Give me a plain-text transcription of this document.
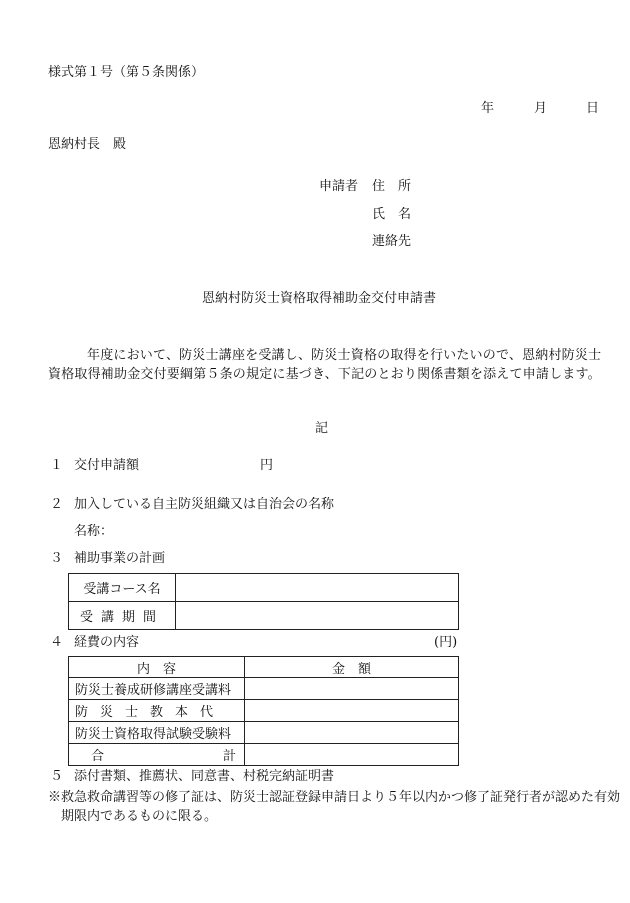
様式第１号（第５条関係）
年	月	日
恩納村長　殿
申請者 住　所
氏　名
連絡先
恩納村防災士資格取得補助金交付申請書
年度において、防災士講座を受講し、防災士資格の取得を行いたいので、恩納村防災士資格取得補助金交付要綱第５条の規定に基づき、下記のとおり関係書類を添えて申請します。
記
１ 交付申請額	円
２ 加入している自主防災組織又は自治会の名称
名称：
３ 補助事業の計画
受講コース名	
受講期間	
４ 経費の内容	(円)
内　容	金　額
防災士養成研修講座受講料	
防災士教本代	
防災士資格取得試験受験料	
合 計	

５ 添付書類、推薦状、同意書、村税完納証明書
※救急救命講習等の修了証は、防災士認証登録申請日より５年以内かつ修了証発行者が認めた有効期限内であるものに限る。
